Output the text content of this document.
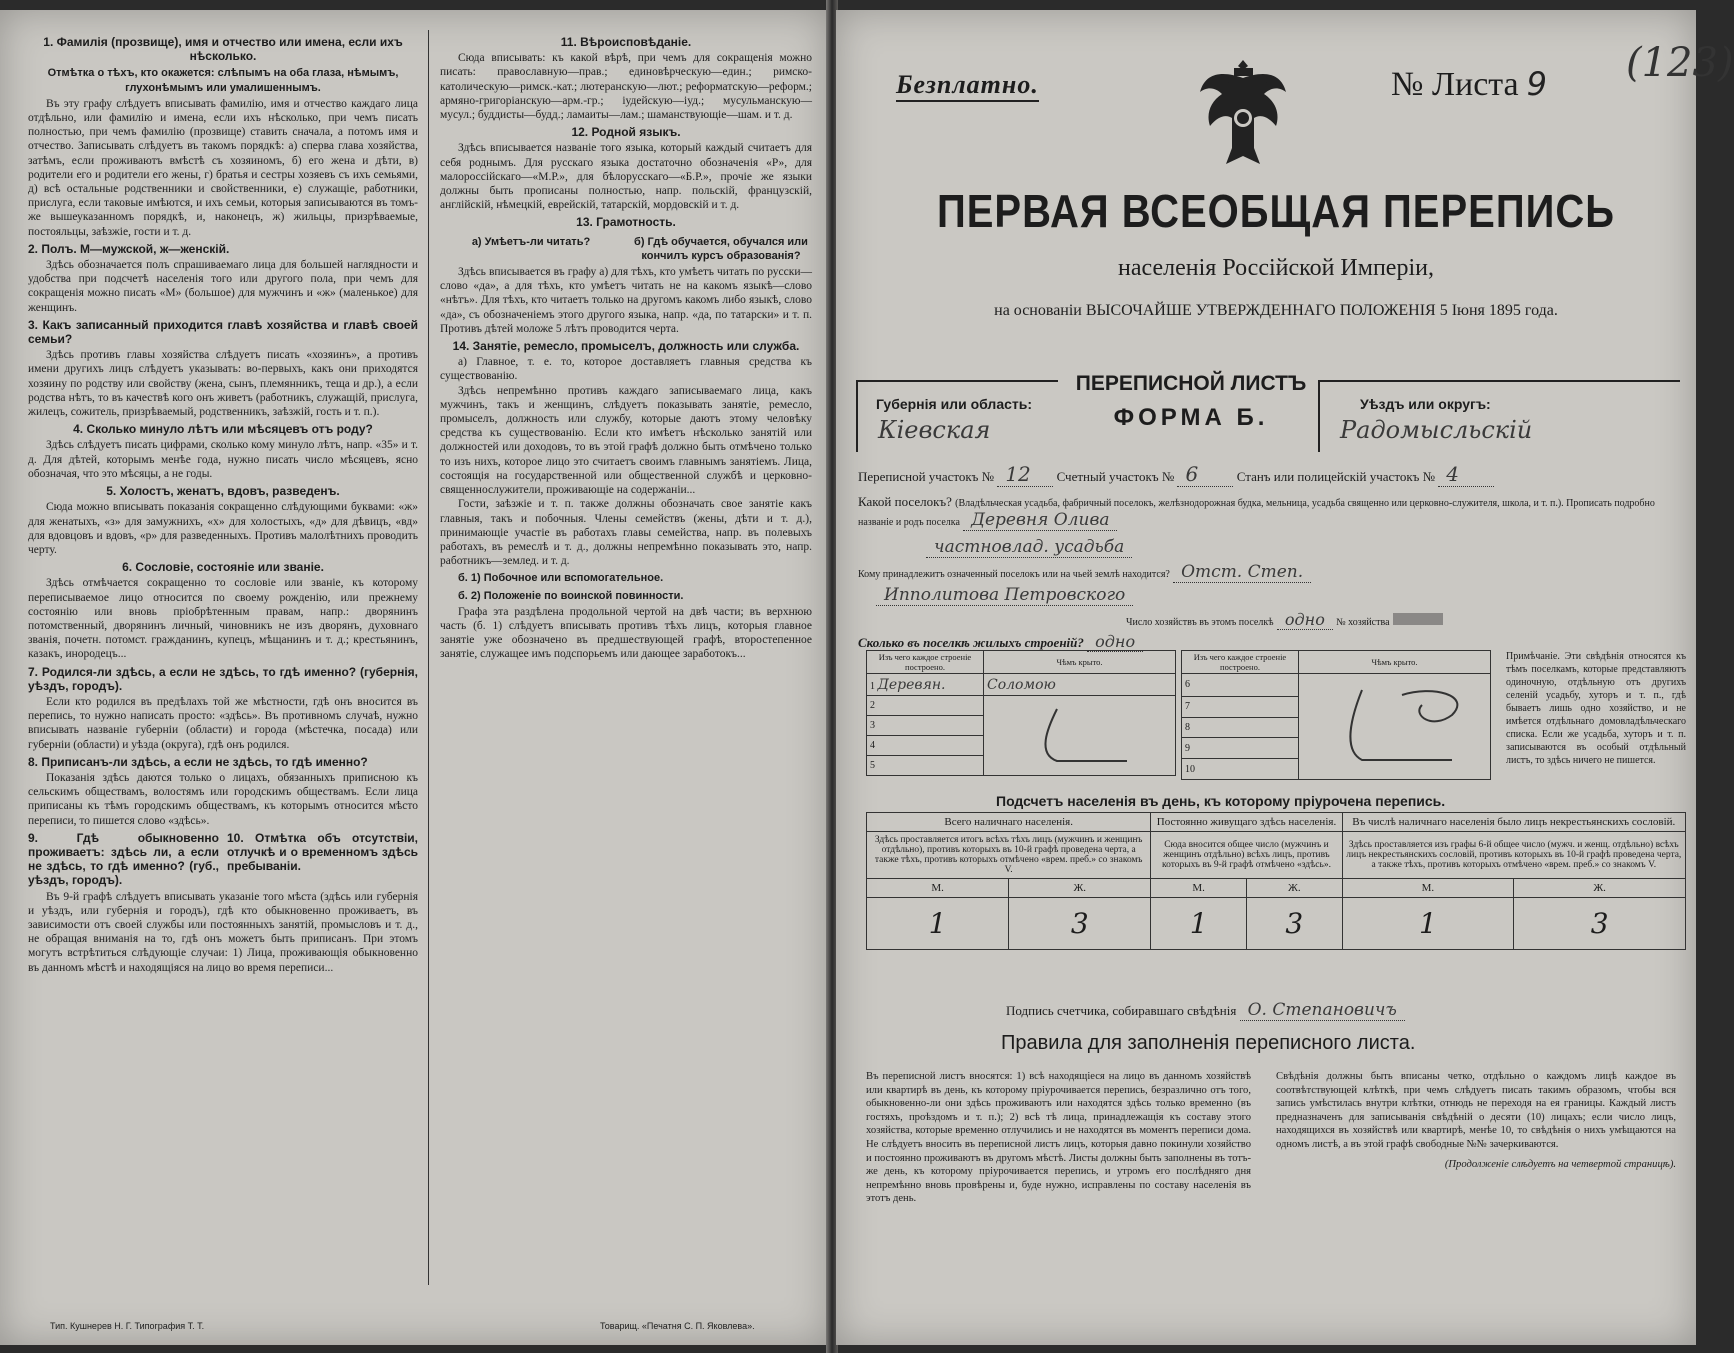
1. Фамилія (прозвище), имя и отчество или имена, если ихъ нѣсколько.
Отмѣтка о тѣхъ, кто окажется: слѣпымъ на оба глаза, нѣмымъ, глухонѣмымъ или умалишеннымъ.

Въ эту графу слѣдуетъ вписывать фамилію, имя и отчество каждаго лица отдѣльно, или фамилію и имена, если ихъ нѣсколько, при чемъ писать полностью, при чемъ фамилію (прозвище) ставить сначала, а потомъ имя и отчество. Записывать слѣдуетъ въ такомъ порядкѣ: а) сперва глава хозяйства, затѣмъ, если проживаютъ вмѣстѣ съ хозяиномъ, б) его жена и дѣти, в) родители его и родители его жены, г) братья и сестры хозяевъ съ ихъ семьями, д) всѣ остальные родственники и свойственники, е) служащіе, работники, прислуга, если таковые имѣются, и ихъ семьи, которыя записываются въ томъ-же вышеуказанномъ порядкѣ, и, наконецъ, ж) жильцы, призрѣваемые, постояльцы, заѣзжіе, гости и т. д.

2. Полъ. М—мужской, ж—женскій.

Здѣсь обозначается полъ спрашиваемаго лица для большей наглядности и удобства при подсчетѣ населенія того или другого пола, при чемъ для сокращенія можно писать «М» (большое) для мужчинъ и «ж» (маленькое) для женщинъ.

3. Какъ записанный приходится главѣ хозяйства и главѣ своей семьи?

Здѣсь противъ главы хозяйства слѣдуетъ писать «хозяинъ», а противъ имени другихъ лицъ слѣдуетъ указывать: во-первыхъ, какъ они приходятся хозяину по родству или свойству (жена, сынъ, племянникъ, теща и др.), а если родства нѣтъ, то въ качествѣ кого онъ живетъ (работникъ, служащій, прислуга, жилецъ, сожитель, призрѣваемый, родственникъ, заѣзжій, гость и т. п.).

4. Сколько минуло лѣтъ или мѣсяцевъ отъ роду?

Здѣсь слѣдуетъ писать цифрами, сколько кому минуло лѣтъ, напр. «35» и т. д. Для дѣтей, которымъ менѣе года, нужно писать число мѣсяцевъ, ясно обозначая, что это мѣсяцы, а не годы.

5. Холостъ, женатъ, вдовъ, разведенъ.

Сюда можно вписывать показанія сокращенно слѣдующими буквами: «ж» для женатыхъ, «з» для замужнихъ, «х» для холостыхъ, «д» для дѣвицъ, «вд» для вдовцовъ и вдовъ, «р» для разведенныхъ. Противъ малолѣтнихъ проводить черту.

6. Сословіе, состояніе или званіе.

Здѣсь отмѣчается сокращенно то сословіе или званіе, къ которому переписываемое лицо относится по своему рожденію, или прежнему состоянію или вновь пріобрѣтенным правам, напр.: дворянинъ потомственный, дворянинъ личный, чиновникъ не изъ дворянъ, духовнаго званія, почетн. потомст. гражданинъ, купецъ, мѣщанинъ и т. д.; крестьянинъ, казакъ, инородецъ...

7. Родился-ли здѣсь, а если не здѣсь, то гдѣ именно? (губернія, уѣздъ, городъ).

Если кто родился въ предѣлахъ той же мѣстности, гдѣ онъ вносится въ перепись, то нужно написать просто: «здѣсь». Въ противномъ случаѣ, нужно вписывать названіе губерніи (области) и города (мѣстечка, посада) или губерніи (области) и уѣзда (округа), гдѣ онъ родился.

8. Приписанъ-ли здѣсь, а если не здѣсь, то гдѣ именно?

Показанія здѣсь даются только о лицахъ, обязанныхъ приписною къ сельскимъ обществамъ, волостямъ или городскимъ обществамъ. Если лица приписаны къ тѣмъ городскимъ обществамъ, къ которымъ относится мѣсто переписи, то пишется слово «здѣсь».

9. Гдѣ обыкновенно проживаетъ: здѣсь ли, а если не здѣсь, то гдѣ именно? (губ., уѣздъ, городъ).
10. Отмѣтка объ отсутствіи, отлучкѣ и о временномъ здѣсь пребываніи.

Въ 9-й графѣ слѣдуетъ вписывать указаніе того мѣста (здѣсь или губернія и уѣздъ, или губернія и городъ), гдѣ кто обыкновенно проживаетъ, въ зависимости отъ своей службы или постоянныхъ занятій, промысловъ и т. д., не обращая вниманія на то, гдѣ онъ можетъ быть приписанъ. При этомъ могутъ встрѣтиться слѣдующіе случаи: 1) Лица, проживающія обыкновенно въ данномъ мѣстѣ и находящіяся на лицо во время переписи...

11. Вѣроисповѣданіе.

Сюда вписывать: къ какой вѣрѣ, при чемъ для сокращенія можно писать: православную—прав.; единовѣрческую—един.; римско-католическую—римск.-кат.; лютеранскую—лют.; реформатскую—реформ.; армяно-григоріанскую—арм.-гр.; іудейскую—іуд.; мусульманскую—мусул.; буддисты—будд.; ламаиты—лам.; шаманствующіе—шам. и т. д.

12. Родной языкъ.

Здѣсь вписывается названіе того языка, который каждый считаетъ для себя роднымъ. Для русскаго языка достаточно обозначенія «Р», для малороссійскаго—«М.Р.», для бѣлорусскаго—«Б.Р.», прочіе же языки должны быть прописаны полностью, напр. польскій, французскій, англійскій, нѣмецкій, еврейскій, татарскій, мордовскій и т. д.

13. Грамотность.
а) Умѣетъ-ли читать?	б) Гдѣ обучается, обучался или кончилъ курсъ образованія?

Здѣсь вписывается въ графу а) для тѣхъ, кто умѣетъ читать по русски—слово «да», а для тѣхъ, кто умѣетъ читать не на какомъ языкѣ—слово «нѣтъ». Для тѣхъ, кто читаетъ только на другомъ какомъ либо языкѣ, слово «да», съ обозначеніемъ этого другого языка, напр. «да, по татарски» и т. п. Противъ дѣтей моложе 5 лѣтъ проводится черта.

14. Занятіе, ремесло, промыселъ, должность или служба.

а) Главное, т. е. то, которое доставляетъ главныя средства къ существованію.

Здѣсь непремѣнно противъ каждаго записываемаго лица, какъ мужчинъ, такъ и женщинъ, слѣдуетъ показывать занятіе, ремесло, промыселъ, должность или службу, которые даютъ этому человѣку средства къ существованію. Если кто имѣетъ нѣсколько занятій или должностей или доходовъ, то въ этой графѣ должно быть отмѣчено только то изъ нихъ, которое лицо это считаетъ своимъ главнымъ занятіемъ. Лица, состоящія на государственной или общественной службѣ и церковно-священнослужители, проживающіе на содержаніи...

Гости, заѣзжіе и т. п. также должны обозначать свое занятіе какъ главныя, такъ и побочныя. Члены семействъ (жены, дѣти и т. д.), принимающіе участіе въ работахъ главы семейства, напр. въ полевыхъ работахъ, въ ремеслѣ и т. д., должны непремѣнно показывать это, напр. работникъ—землед. и т. д.

б. 1) Побочное или вспомогательное.
б. 2) Положеніе по воинской повинности.

Графа эта раздѣлена продольной чертой на двѣ части; въ верхнюю часть (б. 1) слѣдуетъ вписывать противъ тѣхъ лицъ, которыя главное занятіе уже обозначено въ предшествующей графѣ, второстепенное занятіе, служащее имъ подспорьемъ или дающее заработокъ...

Тип. Кушнерев Н. Г. Типография Т. Т.	Товарищ. «Печатня С. П. Яковлева».
Безплатно.	№ Листа 9 (123)
ПЕРВАЯ ВСЕОБЩАЯ ПЕРЕПИСЬ
населенія Россійской Имперіи,
на основаніи ВЫСОЧАЙШЕ УТВЕРЖДЕННАГО ПОЛОЖЕНІЯ 5 Іюня 1895 года.
Губернія или область:
Кіевская
ПЕРЕПИСНОЙ ЛИСТЪ
ФОРМА Б.	Уѣздъ или округъ:
Радомысльскій
Переписной участокъ № 12 Счетный участокъ № 6	Станъ или полицейскій участокъ № 4
Какой поселокъ? (Владѣльческая усадьба, фабричный поселокъ, желѣзнодорожная будка, мельница, усадьба священно или церковно-служителя, школа, и т. п.). Прописать подробно названіе и родъ поселка Деревня Олива
частновлад. усадьба
Кому принадлежитъ означенный поселокъ или на чьей землѣ находится? Отст. Степ.
Ипполитова Петровского
Число хозяйствъ въ этомъ поселкѣ одно № хозяйства
Сколько въ поселкѣ жилыхъ строеній? одно
Изъ чего каждое строеніе построено.	Чѣмъ крыто.
1 Деревян.	Соломою
2	
3	
4	
5	
Изъ чего каждое строеніе построено.	Чѣмъ крыто.
6	
7	
8	
9	
10	
Примѣчаніе. Эти свѣдѣнія относятся къ тѣмъ поселкамъ, которые представляютъ одиночную, отдѣльную отъ другихъ селеній усадьбу, хуторъ и т. п., гдѣ бываетъ лишь одно хозяйство, и не имѣется отдѣльнаго домовладѣльческаго списка. Если же усадьба, хуторъ и т. п. записываются въ особый отдѣльный листъ, то здѣсь ничего не пишется.
Подсчетъ населенія въ день, къ которому пріурочена перепись.
Всего наличнаго населенія.		Постоянно живущаго здѣсь населенія.		Въ числѣ наличнаго населенія было лицъ некрестьянскихъ сословій.	
Здѣсь проставляется итогъ всѣхъ тѣхъ лицъ (мужчинъ и женщинъ отдѣльно), противъ которыхъ въ 10-й графѣ проведена черта, а также тѣхъ, противъ которыхъ отмѣчено «врем. преб.» со знакомъ V.		Сюда вносится общее число (мужчинъ и женщинъ отдѣльно) всѣхъ лицъ, противъ которыхъ въ 9-й графѣ отмѣчено «здѣсь».		Здѣсь проставляется изъ графы 6-й общее число (мужч. и женщ. отдѣльно) всѣхъ лицъ некрестьянскихъ сословій, противъ которыхъ въ 10-й графѣ проведена черта, а также тѣхъ, противъ которыхъ отмѣчено «врем. преб.» со знакомъ V.	
М.	Ж.	М.	Ж.	М.	Ж.
1	3	1	3	1	3
Подпись счетчика, собиравшаго свѣдѣнія О. Степановичъ
Правила для заполненія переписного листа.
Въ переписной листъ вносятся: 1) всѣ находящіеся на лицо въ данномъ хозяйствѣ или квартирѣ въ день, къ которому пріурочивается перепись, безразлично отъ того, обыкновенно-ли они здѣсь проживаютъ или находятся здѣсь только временно (въ гостяхъ, проѣздомъ и т. п.); 2) всѣ тѣ лица, принадлежащія къ составу этого хозяйства, которые временно отлучились и не находятся въ моментъ переписи дома. Не слѣдуетъ вносить въ переписной листъ лицъ, которыя давно покинули хозяйство и постоянно проживаютъ въ другомъ мѣстѣ. Листы должны быть заполнены въ тотъ-же день, къ которому пріурочивается перепись, и утромъ его послѣдняго дня непремѣнно вновь провѣрены и, буде нужно, исправлены по составу населенія въ этотъ день.
Свѣдѣнія должны быть вписаны четко, отдѣльно о каждомъ лицѣ каждое въ соотвѣтствующей клѣткѣ, при чемъ слѣдуетъ писать такимъ образомъ, чтобы вся запись умѣстилась внутри клѣтки, отнюдь не переходя на ея границы. Каждый листъ предназначенъ для записыванія свѣдѣній о десяти (10) лицахъ; если число лицъ, находящихся въ хозяйствѣ или квартирѣ, менѣе 10, то свѣдѣнія о нихъ умѣщаются на одномъ листѣ, а въ этой графѣ свободные №№ зачеркиваются.
(Продолженіе слѣдуетъ на четвертой страницѣ).
